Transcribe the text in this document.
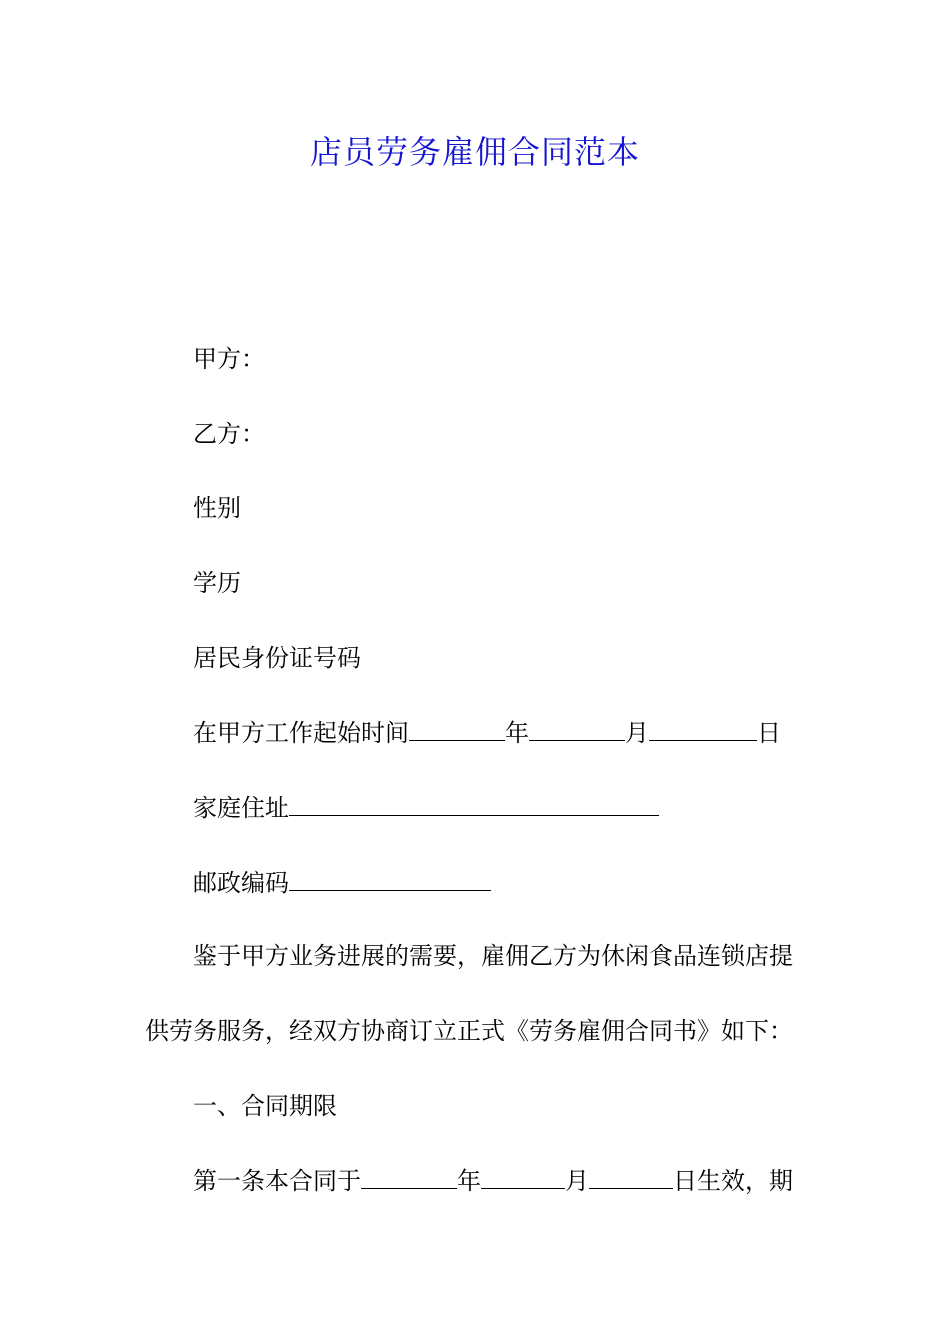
店员劳务雇佣合同范本
甲方：
乙方：
性别
学历
居民身份证号码
在甲方工作起始时间	年	月	日
家庭住址
邮政编码
鉴于甲方业务进展的需要，雇佣乙方为休闲食品连锁店提
供劳务服务，经双方协商订立正式《劳务雇佣合同书》如下：
一、合同期限
第一条本合同于	年	月	日生效，期
